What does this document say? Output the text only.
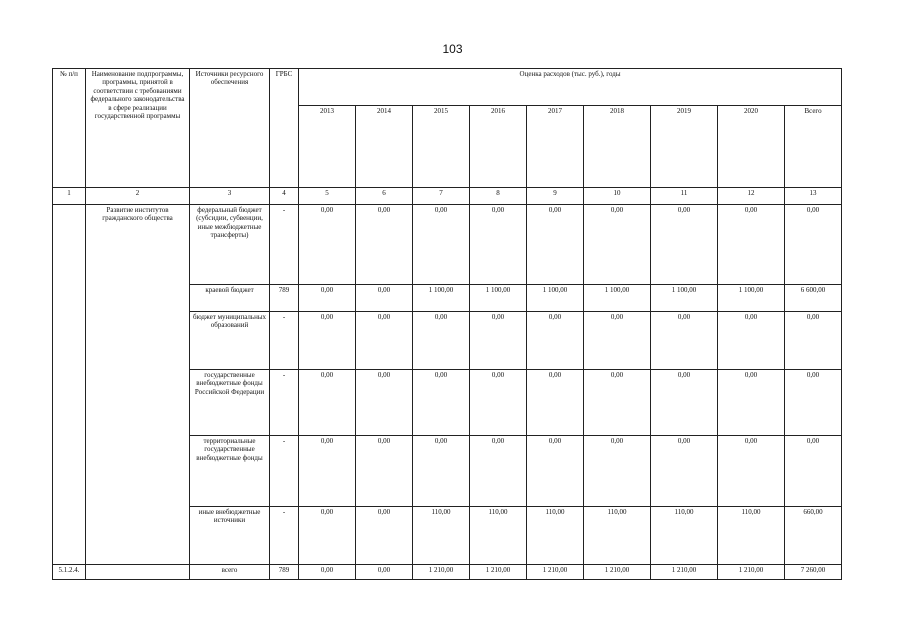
103
№ п/п	Наименование подпрограммы, программы, принятой в соответствии с требованиями федерального законодательства в сфере реализации государственной программы	Источники ресурсного обеспечения	ГРБС	Оценка расходов (тыс. руб.), годы								
				2013	2014	2015	2016	2017	2018	2019	2020	Всего
1	2	3	4	5	6	7	8	9	10	11	12	13
	Развитие институтов гражданского общества	федеральный бюджет (субсидии, субвенции, иные межбюджетные трансферты)	-	0,00	0,00	0,00	0,00	0,00	0,00	0,00	0,00	0,00
		краевой бюджет	789	0,00	0,00	1 100,00	1 100,00	1 100,00	1 100,00	1 100,00	1 100,00	6 600,00
		бюджет муниципальных образований	-	0,00	0,00	0,00	0,00	0,00	0,00	0,00	0,00	0,00
		государственные внебюджетные фонды Российской Федерации	-	0,00	0,00	0,00	0,00	0,00	0,00	0,00	0,00	0,00
		территориальные государственные внебюджетные фонды	-	0,00	0,00	0,00	0,00	0,00	0,00	0,00	0,00	0,00
		иные внебюджетные источники	-	0,00	0,00	110,00	110,00	110,00	110,00	110,00	110,00	660,00
5.1.2.4.		всего	789	0,00	0,00	1 210,00	1 210,00	1 210,00	1 210,00	1 210,00	1 210,00	7 260,00
